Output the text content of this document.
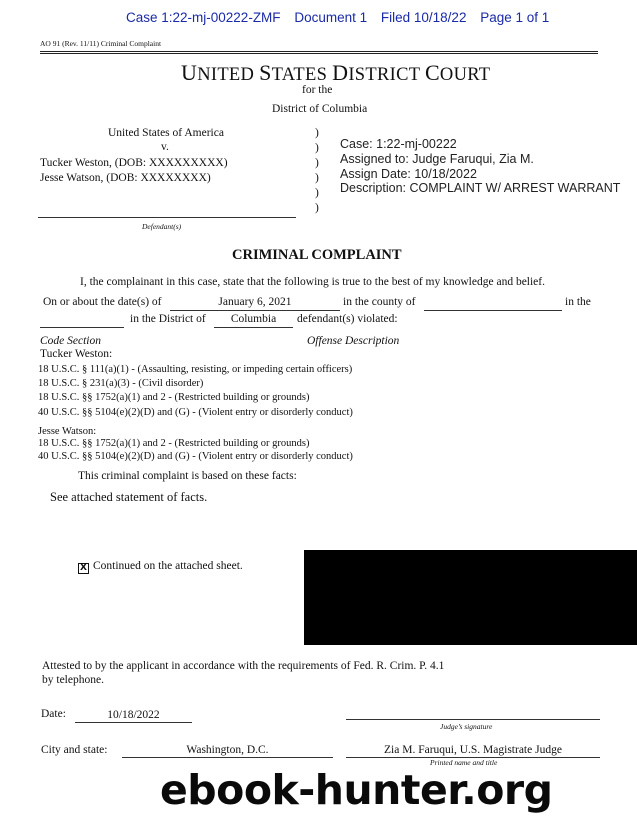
Case 1:22-mj-00222-ZMF Document 1 Filed 10/18/22 Page 1 of 1
AO 91 (Rev. 11/11) Criminal Complaint
UNITED STATES DISTRICT COURT
for the
District of Columbia
United States of America
v.
Tucker Weston, (DOB: XXXXXXXXX)
Jesse Watson, (DOB: XXXXXXXX)
Defendant(s)
)
)
)
)
)
)
Case: 1:22-mj-00222
Assigned to: Judge Faruqui, Zia M.
Assign Date: 10/18/2022
Description: COMPLAINT W/ ARREST WARRANT
CRIMINAL COMPLAINT
I, the complainant in this case, state that the following is true to the best of my knowledge and belief.
On or about the date(s) of	January 6, 2021	in the county of	in the
in the District of	Columbia	defendant(s) violated:
Code Section	Offense Description
Tucker Weston:
18 U.S.C. § 111(a)(1) - (Assaulting, resisting, or impeding certain officers)
18 U.S.C. § 231(a)(3) - (Civil disorder)
18 U.S.C. §§ 1752(a)(1) and 2 - (Restricted building or grounds)
40 U.S.C. §§ 5104(e)(2)(D) and (G) - (Violent entry or disorderly conduct)
Jesse Watson:
18 U.S.C. §§ 1752(a)(1) and 2 - (Restricted building or grounds)
40 U.S.C. §§ 5104(e)(2)(D) and (G) - (Violent entry or disorderly conduct)
This criminal complaint is based on these facts:
See attached statement of facts.
X Continued on the attached sheet.
Attested to by the applicant in accordance with the requirements of Fed. R. Crim. P. 4.1
by telephone.
Date:	10/18/2022
Judge’s signature
City and state:	Washington, D.C.	Zia M. Faruqui, U.S. Magistrate Judge
Printed name and title
ebook-hunter.org
